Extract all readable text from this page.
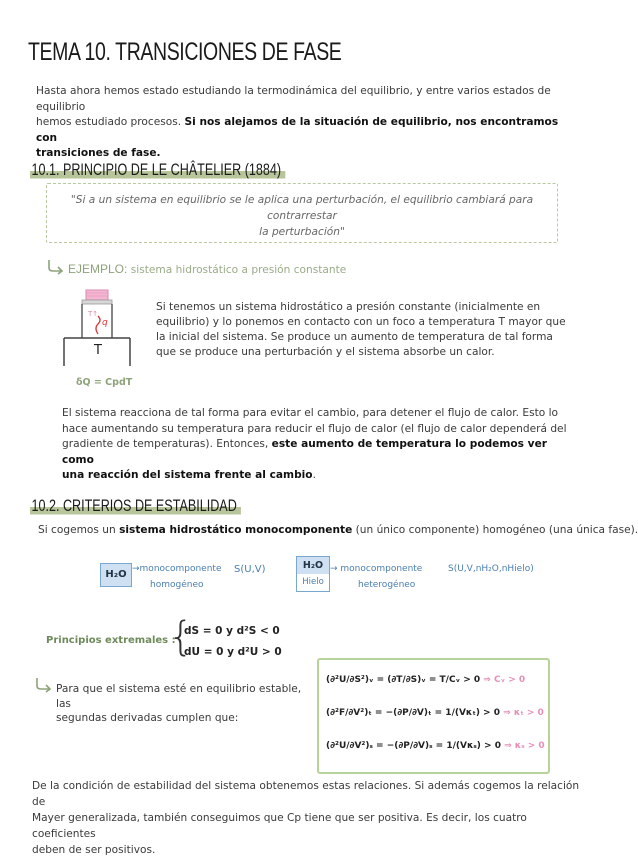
TEMA 10. TRANSICIONES DE FASE
Hasta ahora hemos estado estudiando la termodinámica del equilibrio, y entre varios estados de equilibrio
hemos estudiado procesos. Si nos alejamos de la situación de equilibrio, nos encontramos con
transiciones de fase.
10.1. PRINCIPIO DE LE CHÂTELIER (1884)
"Si a un sistema en equilibrio se le aplica una perturbación, el equilibrio cambiará para contrarrestar
la perturbación"
EJEMPLO: sistema hidrostático a presión constante
T↑
q
T
δQ = CpdT
Si tenemos un sistema hidrostático a presión constante (inicialmente en
equilibrio) y lo ponemos en contacto con un foco a temperatura T mayor que
la inicial del sistema. Se produce un aumento de temperatura de tal forma
que se produce una perturbación y el sistema absorbe un calor.
El sistema reacciona de tal forma para evitar el cambio, para detener el flujo de calor. Esto lo
hace aumentando su temperatura para reducir el flujo de calor (el flujo de calor dependerá del
gradiente de temperaturas). Entonces, este aumento de temperatura lo podemos ver como
una reacción del sistema frente al cambio.
10.2. CRITERIOS DE ESTABILIDAD
Si cogemos un sistema hidrostático monocomponente (un único componente) homogéneo (una única fase).
H₂O →monocomponente
homogéneo
S(U,V)	H₂O
Hielo
→ monocomponente
heterogéneo
S(U,V,nH₂O,nHielo)
Principios extremales :
{
dS = 0 y d²S < 0
dU = 0 y d²U > 0
Para que el sistema esté en equilibrio estable, las
segundas derivadas cumplen que:
(∂²U/∂S²)ᵥ = (∂T/∂S)ᵥ = T/Cᵥ > 0 ⇒ Cᵥ > 0
(∂²F/∂V²)ₜ = −(∂P/∂V)ₜ = 1/(Vκₜ) > 0 ⇒ κₜ > 0
(∂²U/∂V²)ₛ = −(∂P/∂V)ₛ = 1/(Vκₛ) > 0 ⇒ κₛ > 0
De la condición de estabilidad del sistema obtenemos estas relaciones. Si además cogemos la relación de
Mayer generalizada, también conseguimos que Cp tiene que ser positiva. Es decir, los cuatro coeficientes
deben de ser positivos.
